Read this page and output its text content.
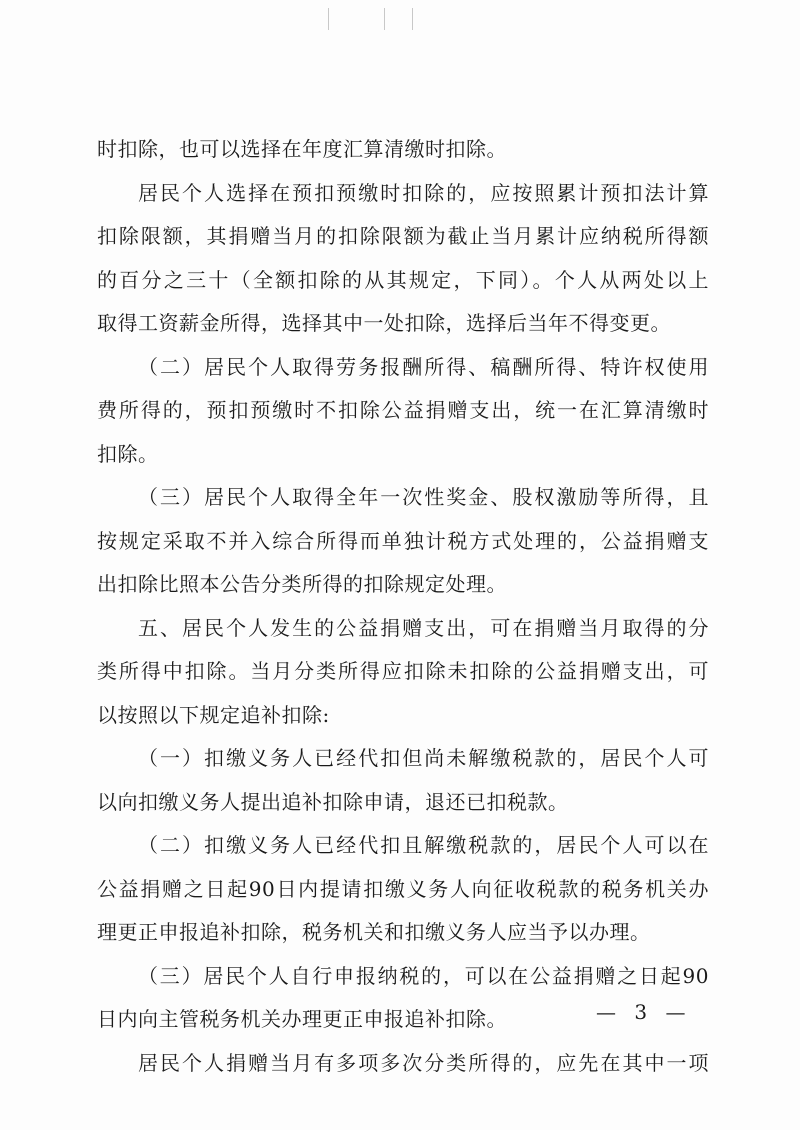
时扣除，也可以选择在年度汇算清缴时扣除。
居民个人选择在预扣预缴时扣除的，应按照累计预扣法计算
扣除限额，其捐赠当月的扣除限额为截止当月累计应纳税所得额
的百分之三十（全额扣除的从其规定，下同）。个人从两处以上
取得工资薪金所得，选择其中一处扣除，选择后当年不得变更。
（二）居民个人取得劳务报酬所得、稿酬所得、特许权使用
费所得的，预扣预缴时不扣除公益捐赠支出，统一在汇算清缴时
扣除。
（三）居民个人取得全年一次性奖金、股权激励等所得，且
按规定采取不并入综合所得而单独计税方式处理的，公益捐赠支
出扣除比照本公告分类所得的扣除规定处理。
五、居民个人发生的公益捐赠支出，可在捐赠当月取得的分
类所得中扣除。当月分类所得应扣除未扣除的公益捐赠支出，可
以按照以下规定追补扣除:
（一）扣缴义务人已经代扣但尚未解缴税款的，居民个人可
以向扣缴义务人提出追补扣除申请，退还已扣税款。
（二）扣缴义务人已经代扣且解缴税款的，居民个人可以在
公益捐赠之日起90日内提请扣缴义务人向征收税款的税务机关办
理更正申报追补扣除，税务机关和扣缴义务人应当予以办理。
（三）居民个人自行申报纳税的，可以在公益捐赠之日起90
日内向主管税务机关办理更正申报追补扣除。
居民个人捐赠当月有多项多次分类所得的，应先在其中一项
— 3 —
